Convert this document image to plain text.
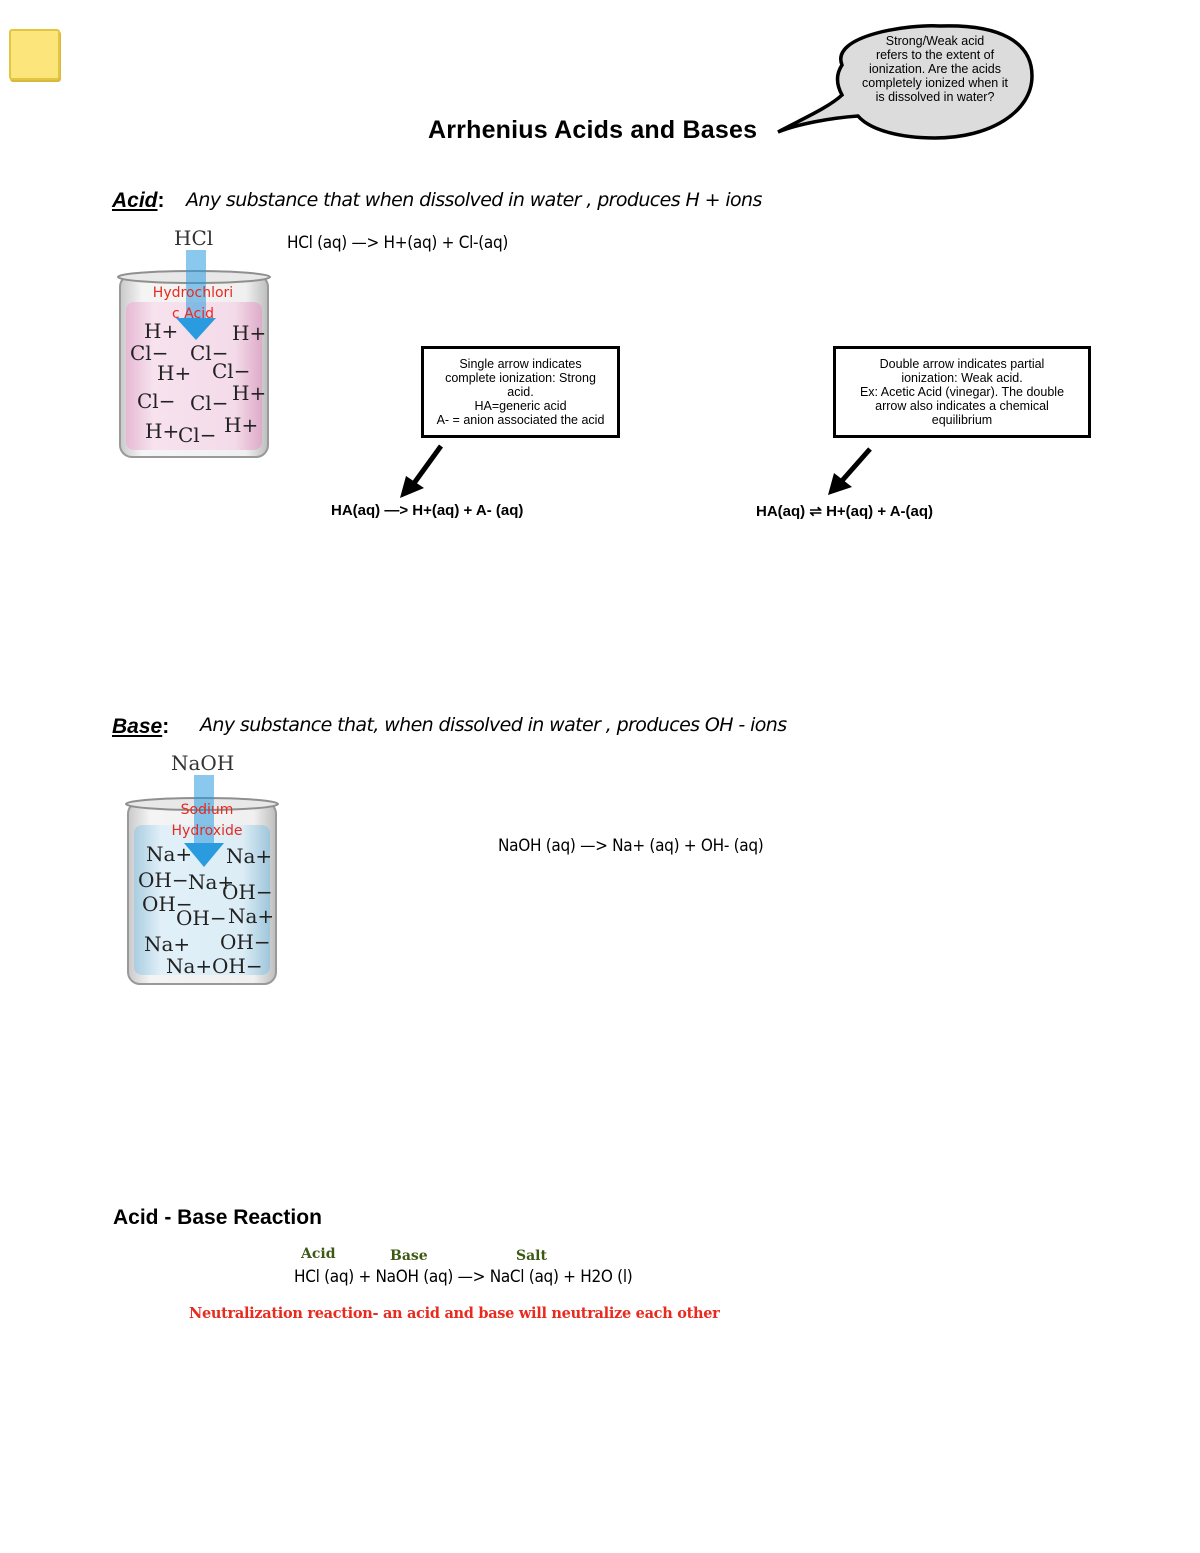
Strong/Weak acid
refers to the extent of
ionization. Are the acids
completely ionized when it
is dissolved in water?
Arrhenius Acids and Bases
Acid: Any substance that when dissolved in water , produces H + ions
HCl
H+	H+
Cl− Cl−
H+ Cl−
Cl− Cl− H+
H+
Cl− H+
Hydrochlori
c Acid
HCl (aq) —> H+(aq) + Cl-(aq)
Single arrow indicates
complete ionization: Strong
acid.
HA=generic acid
A- = anion associated the acid
Double arrow indicates partial
ionization: Weak acid.
Ex: Acetic Acid (vinegar). The double
arrow also indicates a chemical
equilibrium
HA(aq) —> H+(aq) + A- (aq)	HA(aq) ⇌ H+(aq) + A-(aq)
Base: Any substance that, when dissolved in water , produces OH - ions
NaOH
Na+ Na+
OH− Na+
OH−
OH−
OH− Na+
Na+ OH−
Na+ OH−
Sodium
Hydroxide
NaOH (aq) —> Na+ (aq) + OH- (aq)
Acid - Base Reaction
Acid	Base	Salt
HCl (aq) + NaOH (aq) —> NaCl (aq) + H2O (l)
Neutralization reaction- an acid and base will neutralize each other
